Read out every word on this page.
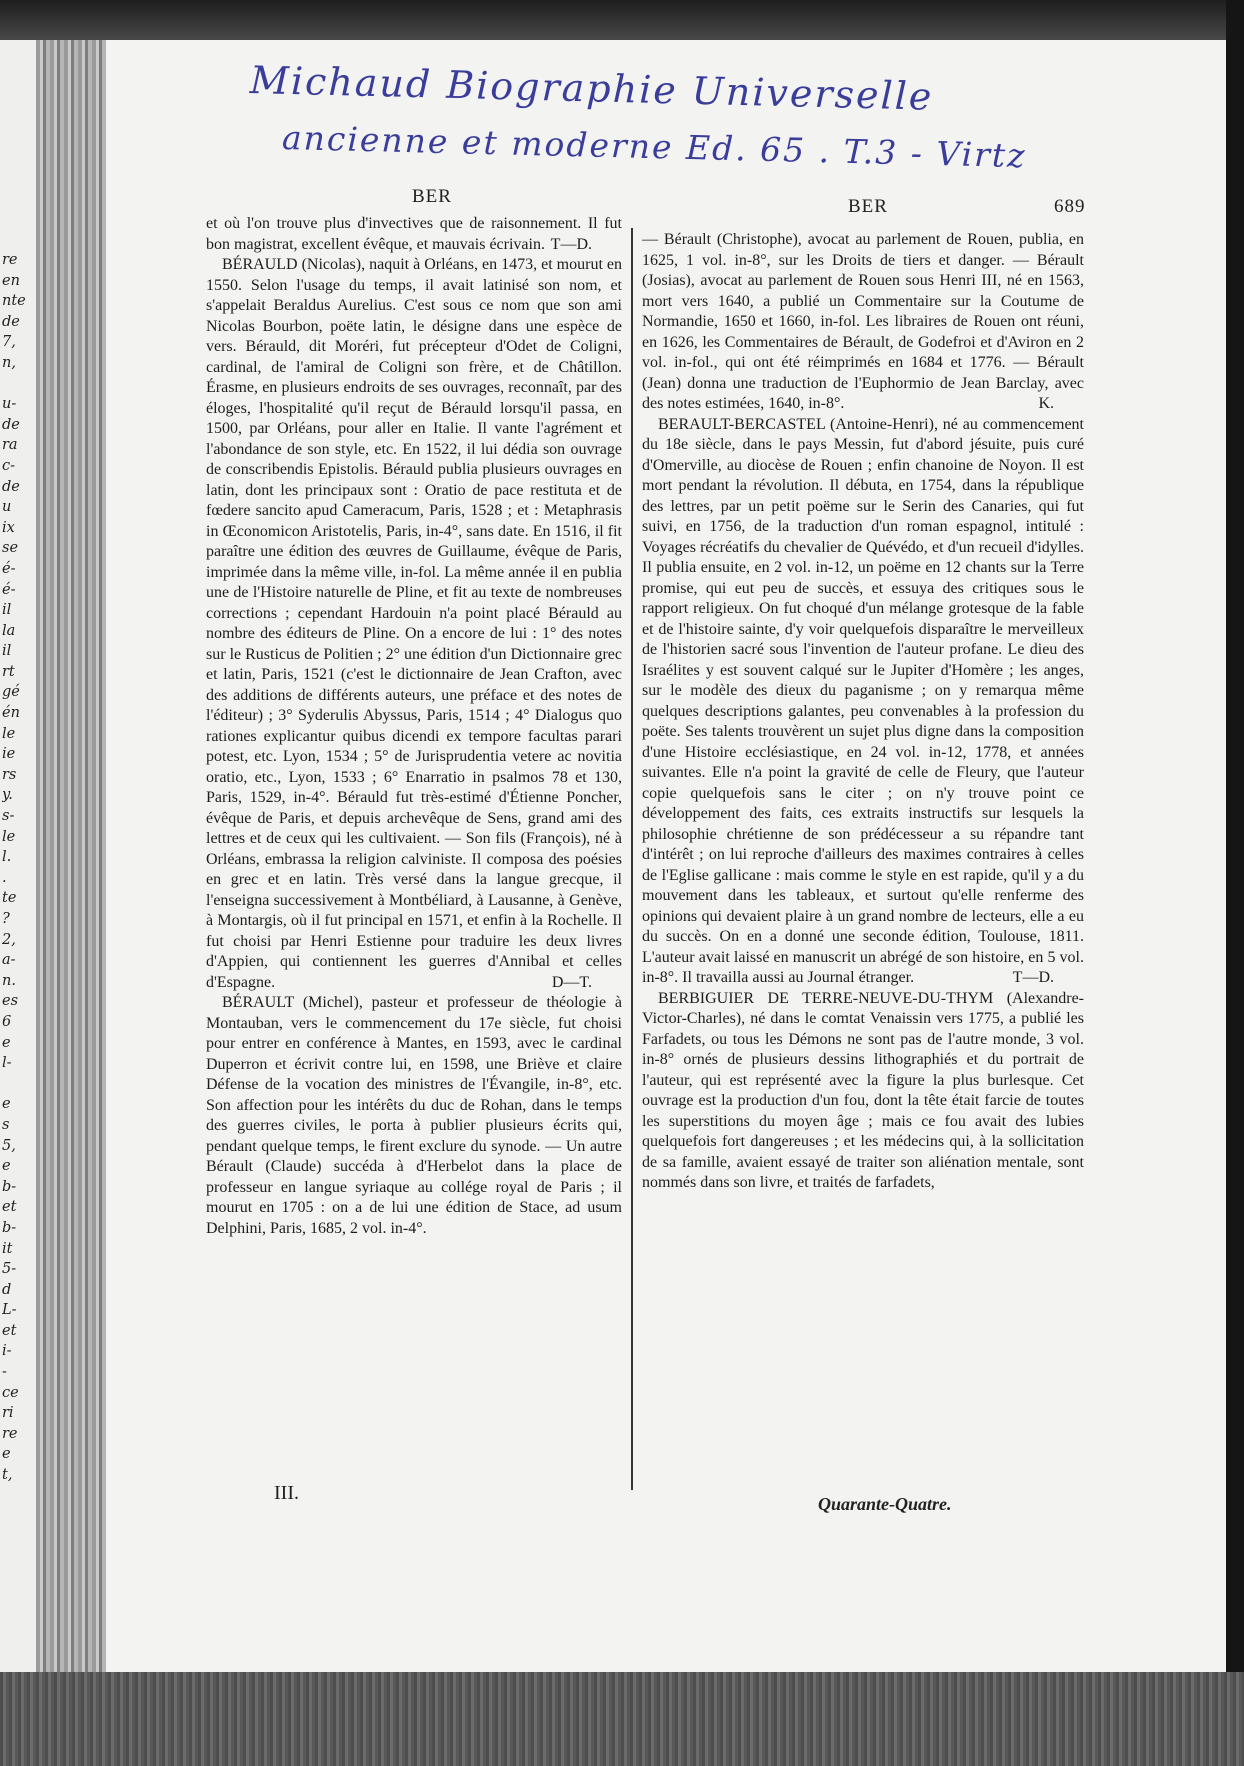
re
en
nte
de
7,
n,

u-
de
ra
c-
de
u
ix
se
é-
é-
il
la
il
rt
gé
én
le
ie
rs
y.
s-
le
l.
.
te
?
2,
a-
n.
es
6
e
l-

e
s
5,
e
b-
et
b-
it
5-
d
L-
et
i-
-
ce
ri
re
e
t,
Michaud Biographie Universelle
ancienne et moderne Ed. 65 . T.3 - Virtz
BER	BER	689

et où l'on trouve plus d'invectives que de raisonnement. Il fut bon magistrat, excellent évêque, et mauvais écrivain. T—D.

BÉRAULD (Nicolas), naquit à Orléans, en 1473, et mourut en 1550. Selon l'usage du temps, il avait latinisé son nom, et s'appelait Beraldus Aurelius. C'est sous ce nom que son ami Nicolas Bourbon, poëte latin, le désigne dans une espèce de vers. Bérauld, dit Moréri, fut précepteur d'Odet de Coligni, cardinal, de l'amiral de Coligni son frère, et de Châtillon. Érasme, en plusieurs endroits de ses ouvrages, reconnaît, par des éloges, l'hospitalité qu'il reçut de Bérauld lorsqu'il passa, en 1500, par Orléans, pour aller en Italie. Il vante l'agrément et l'abondance de son style, etc. En 1522, il lui dédia son ouvrage de conscribendis Epistolis. Bérauld publia plusieurs ouvrages en latin, dont les principaux sont : Oratio de pace restituta et de fœdere sancito apud Cameracum, Paris, 1528 ; et : Metaphrasis in Œconomicon Aristotelis, Paris, in-4°, sans date. En 1516, il fit paraître une édition des œuvres de Guillaume, évêque de Paris, imprimée dans la même ville, in-fol. La même année il en publia une de l'Histoire naturelle de Pline, et fit au texte de nombreuses corrections ; cependant Hardouin n'a point placé Bérauld au nombre des éditeurs de Pline. On a encore de lui : 1° des notes sur le Rusticus de Politien ; 2° une édition d'un Dictionnaire grec et latin, Paris, 1521 (c'est le dictionnaire de Jean Crafton, avec des additions de différents auteurs, une préface et des notes de l'éditeur) ; 3° Syderulis Abyssus, Paris, 1514 ; 4° Dialogus quo rationes explicantur quibus dicendi ex tempore facultas parari potest, etc. Lyon, 1534 ; 5° de Jurisprudentia vetere ac novitia oratio, etc., Lyon, 1533 ; 6° Enarratio in psalmos 78 et 130, Paris, 1529, in-4°. Bérauld fut très-estimé d'Étienne Poncher, évêque de Paris, et depuis archevêque de Sens, grand ami des lettres et de ceux qui les cultivaient. — Son fils (François), né à Orléans, embrassa la religion calviniste. Il composa des poésies en grec et en latin. Très versé dans la langue grecque, il l'enseigna successivement à Montbéliard, à Lausanne, à Genève, à Montargis, où il fut principal en 1571, et enfin à la Rochelle. Il fut choisi par Henri Estienne pour traduire les deux livres d'Appien, qui contiennent les guerres d'Annibal et celles d'Espagne.	D—T.

BÉRAULT (Michel), pasteur et professeur de théologie à Montauban, vers le commencement du 17e siècle, fut choisi pour entrer en conférence à Mantes, en 1593, avec le cardinal Duperron et écrivit contre lui, en 1598, une Briève et claire Défense de la vocation des ministres de l'Évangile, in-8°, etc. Son affection pour les intérêts du duc de Rohan, dans le temps des guerres civiles, le porta à publier plusieurs écrits qui, pendant quelque temps, le firent exclure du synode. — Un autre Bérault (Claude) succéda à d'Herbelot dans la place de professeur en langue syriaque au collége royal de Paris ; il mourut en 1705 : on a de lui une édition de Stace, ad usum Delphini, Paris, 1685, 2 vol. in-4°.

— Bérault (Christophe), avocat au parlement de Rouen, publia, en 1625, 1 vol. in-8°, sur les Droits de tiers et danger. — Bérault (Josias), avocat au parlement de Rouen sous Henri III, né en 1563, mort vers 1640, a publié un Commentaire sur la Coutume de Normandie, 1650 et 1660, in-fol. Les libraires de Rouen ont réuni, en 1626, les Commentaires de Bérault, de Godefroi et d'Aviron en 2 vol. in-fol., qui ont été réimprimés en 1684 et 1776. — Bérault (Jean) donna une traduction de l'Euphormio de Jean Barclay, avec des notes estimées, 1640, in-8°.	K.

BERAULT-BERCASTEL (Antoine-Henri), né au commencement du 18e siècle, dans le pays Messin, fut d'abord jésuite, puis curé d'Omerville, au diocèse de Rouen ; enfin chanoine de Noyon. Il est mort pendant la révolution. Il débuta, en 1754, dans la république des lettres, par un petit poëme sur le Serin des Canaries, qui fut suivi, en 1756, de la traduction d'un roman espagnol, intitulé : Voyages récréatifs du chevalier de Quévédo, et d'un recueil d'idylles. Il publia ensuite, en 2 vol. in-12, un poëme en 12 chants sur la Terre promise, qui eut peu de succès, et essuya des critiques sous le rapport religieux. On fut choqué d'un mélange grotesque de la fable et de l'histoire sainte, d'y voir quelquefois disparaître le merveilleux de l'historien sacré sous l'invention de l'auteur profane. Le dieu des Israélites y est souvent calqué sur le Jupiter d'Homère ; les anges, sur le modèle des dieux du paganisme ; on y remarqua même quelques descriptions galantes, peu convenables à la profession du poëte. Ses talents trouvèrent un sujet plus digne dans la composition d'une Histoire ecclésiastique, en 24 vol. in-12, 1778, et années suivantes. Elle n'a point la gravité de celle de Fleury, que l'auteur copie quelquefois sans le citer ; on n'y trouve point ce développement des faits, ces extraits instructifs sur lesquels la philosophie chrétienne de son prédécesseur a su répandre tant d'intérêt ; on lui reproche d'ailleurs des maximes contraires à celles de l'Eglise gallicane : mais comme le style en est rapide, qu'il y a du mouvement dans les tableaux, et surtout qu'elle renferme des opinions qui devaient plaire à un grand nombre de lecteurs, elle a eu du succès. On en a donné une seconde édition, Toulouse, 1811. L'auteur avait laissé en manuscrit un abrégé de son histoire, en 5 vol. in-8°. Il travailla aussi au Journal étranger.	T—D.

BERBIGUIER DE TERRE-NEUVE-DU-THYM (Alexandre-Victor-Charles), né dans le comtat Venaissin vers 1775, a publié les Farfadets, ou tous les Démons ne sont pas de l'autre monde, 3 vol. in-8° ornés de plusieurs dessins lithographiés et du portrait de l'auteur, qui est représenté avec la figure la plus burlesque. Cet ouvrage est la production d'un fou, dont la tête était farcie de toutes les superstitions du moyen âge ; mais ce fou avait des lubies quelquefois fort dangereuses ; et les médecins qui, à la sollicitation de sa famille, avaient essayé de traiter son aliénation mentale, sont nommés dans son livre, et traités de farfadets,

III.	Quarante-Quatre.
